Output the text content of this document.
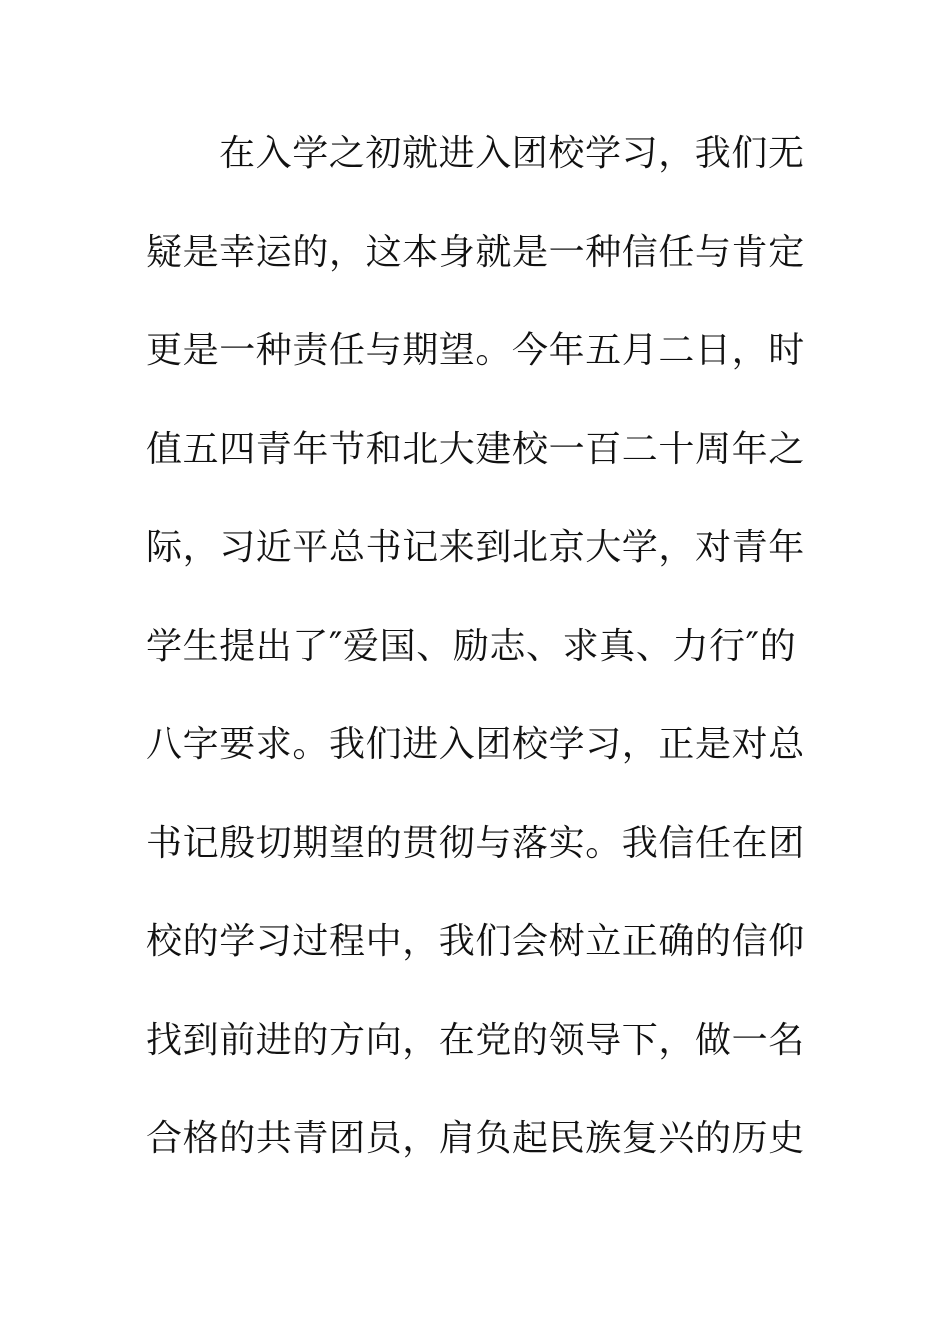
在入学之初就进入团校学习，我们无
疑是幸运的，这本身就是一种信任与肯定
更是一种责任与期望。今年五月二日，时
值五四青年节和北大建校一百二十周年之
际，习近平总书记来到北京大学，对青年
学生提出了″爱国、励志、求真、力行″的
八字要求。我们进入团校学习，正是对总
书记殷切期望的贯彻与落实。我信任在团
校的学习过程中，我们会树立正确的信仰
找到前进的方向，在党的领导下，做一名
合格的共青团员，肩负起民族复兴的历史
